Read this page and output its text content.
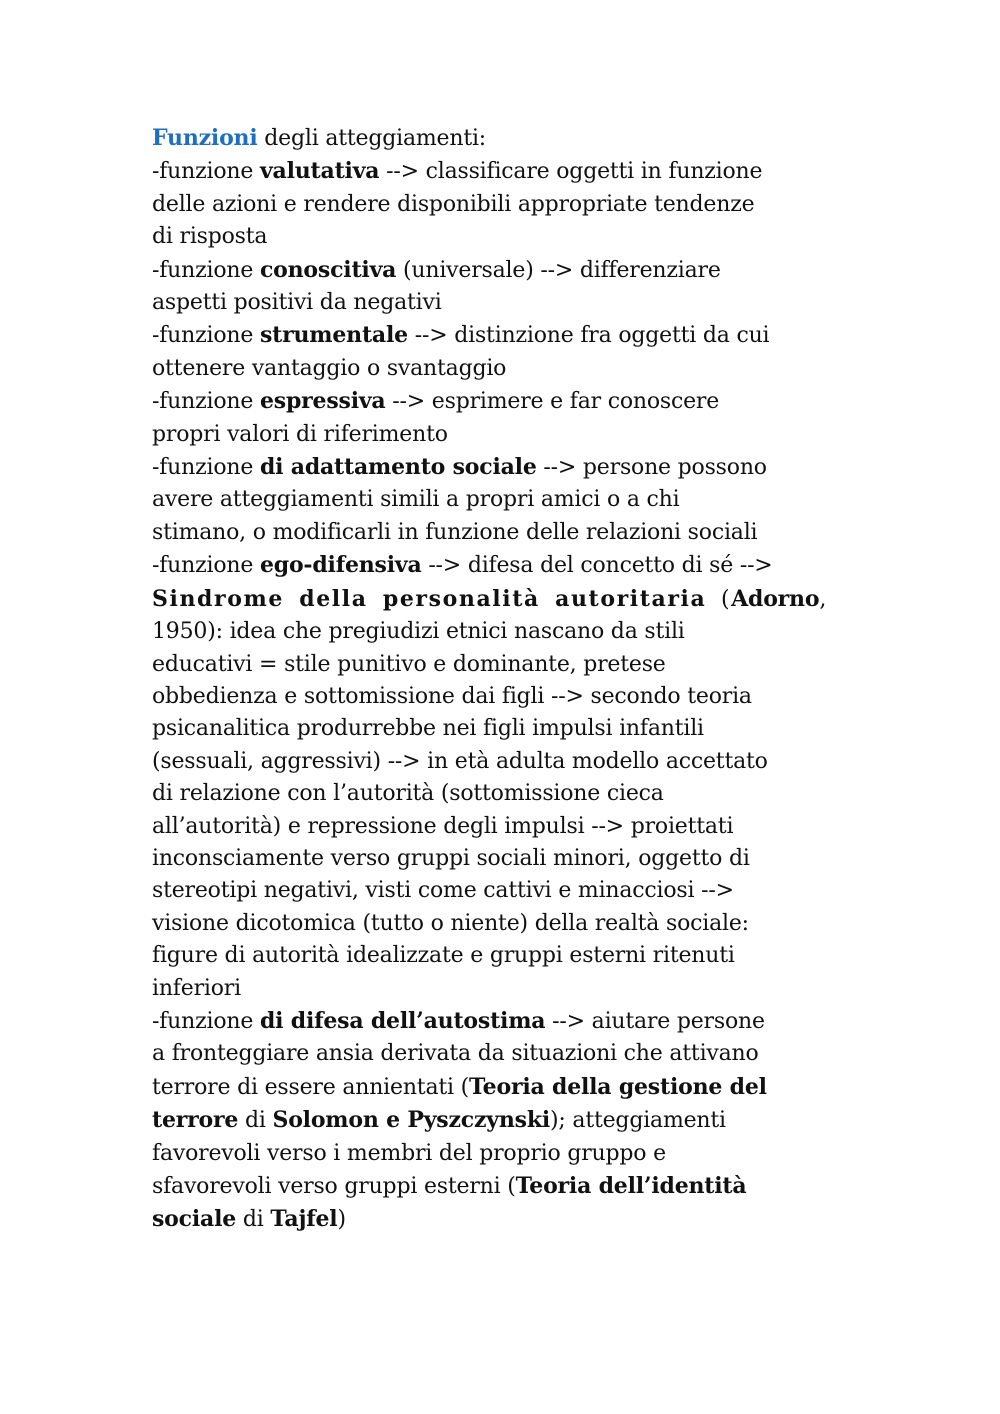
Funzioni degli atteggiamenti:
-funzione valutativa --> classificare oggetti in funzione
delle azioni e rendere disponibili appropriate tendenze
di risposta
-funzione conoscitiva (universale) --> differenziare
aspetti positivi da negativi
-funzione strumentale --> distinzione fra oggetti da cui
ottenere vantaggio o svantaggio
-funzione espressiva --> esprimere e far conoscere
propri valori di riferimento
-funzione di adattamento sociale --> persone possono
avere atteggiamenti simili a propri amici o a chi
stimano, o modificarli in funzione delle relazioni sociali
-funzione ego-difensiva --> difesa del concetto di sé -->
Sindrome della personalità autoritaria (Adorno,
1950): idea che pregiudizi etnici nascano da stili
educativi = stile punitivo e dominante, pretese
obbedienza e sottomissione dai figli --> secondo teoria
psicanalitica produrrebbe nei figli impulsi infantili
(sessuali, aggressivi) --> in età adulta modello accettato
di relazione con l’autorità (sottomissione cieca
all’autorità) e repressione degli impulsi --> proiettati
inconsciamente verso gruppi sociali minori, oggetto di
stereotipi negativi, visti come cattivi e minacciosi -->
visione dicotomica (tutto o niente) della realtà sociale:
figure di autorità idealizzate e gruppi esterni ritenuti
inferiori
-funzione di difesa dell’autostima --> aiutare persone
a fronteggiare ansia derivata da situazioni che attivano
terrore di essere annientati (Teoria della gestione del
terrore di Solomon e Pyszczynski); atteggiamenti
favorevoli verso i membri del proprio gruppo e
sfavorevoli verso gruppi esterni (Teoria dell’identità
sociale di Tajfel)
